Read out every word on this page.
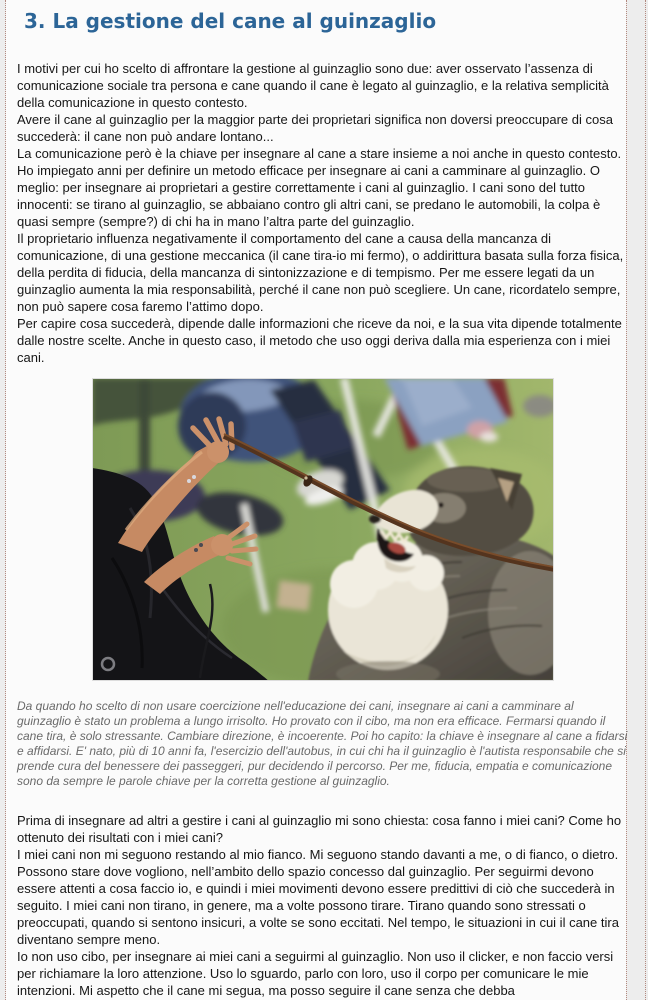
3. La gestione del cane al guinzaglio

I motivi per cui ho scelto di affrontare la gestione al guinzaglio sono due: aver osservato l’assenza di comunicazione sociale tra persona e cane quando il cane è legato al guinzaglio, e la relativa semplicità della comunicazione in questo contesto.

Avere il cane al guinzaglio per la maggior parte dei proprietari significa non doversi preoccupare di cosa succederà: il cane non può andare lontano...

La comunicazione però è la chiave per insegnare al cane a stare insieme a noi anche in questo contesto.

Ho impiegato anni per definire un metodo efficace per insegnare ai cani a camminare al guinzaglio. O meglio: per insegnare ai proprietari a gestire correttamente i cani al guinzaglio. I cani sono del tutto innocenti: se tirano al guinzaglio, se abbaiano contro gli altri cani, se predano le automobili, la colpa è quasi sempre (sempre?) di chi ha in mano l’altra parte del guinzaglio.

Il proprietario influenza negativamente il comportamento del cane a causa della mancanza di comunicazione, di una gestione meccanica (il cane tira-io mi fermo), o addirittura basata sulla forza fisica, della perdita di fiducia, della mancanza di sintonizzazione e di tempismo. Per me essere legati da un guinzaglio aumenta la mia responsabilità, perché il cane non può scegliere. Un cane, ricordatelo sempre, non può sapere cosa faremo l’attimo dopo.

Per capire cosa succederà, dipende dalle informazioni che riceve da noi, e la sua vita dipende totalmente dalle nostre scelte. Anche in questo caso, il metodo che uso oggi deriva dalla mia esperienza con i miei cani.

Da quando ho scelto di non usare coercizione nell'educazione dei cani, insegnare ai cani a camminare al guinzaglio è stato un problema a lungo irrisolto. Ho provato con il cibo, ma non era efficace. Fermarsi quando il cane tira, è solo stressante. Cambiare direzione, è incoerente. Poi ho capito: la chiave è insegnare al cane a fidarsi e affidarsi. E' nato, più di 10 anni fa, l'esercizio dell'autobus, in cui chi ha il guinzaglio è l'autista responsabile che si prende cura del benessere dei passeggeri, pur decidendo il percorso. Per me, fiducia, empatia e comunicazione sono da sempre le parole chiave per la corretta gestione al guinzaglio.

Prima di insegnare ad altri a gestire i cani al guinzaglio mi sono chiesta: cosa fanno i miei cani? Come ho ottenuto dei risultati con i miei cani?

I miei cani non mi seguono restando al mio fianco. Mi seguono stando davanti a me, o di fianco, o dietro. Possono stare dove vogliono, nell’ambito dello spazio concesso dal guinzaglio. Per seguirmi devono essere attenti a cosa faccio io, e quindi i miei movimenti devono essere predittivi di ciò che succederà in seguito. I miei cani non tirano, in genere, ma a volte possono tirare. Tirano quando sono stressati o preoccupati, quando si sentono insicuri, a volte se sono eccitati. Nel tempo, le situazioni in cui il cane tira diventano sempre meno.

Io non uso cibo, per insegnare ai miei cani a seguirmi al guinzaglio. Non uso il clicker, e non faccio versi per richiamare la loro attenzione. Uso lo sguardo, parlo con loro, uso il corpo per comunicare le mie intenzioni. Mi aspetto che il cane mi segua, ma posso seguire il cane senza che debba
